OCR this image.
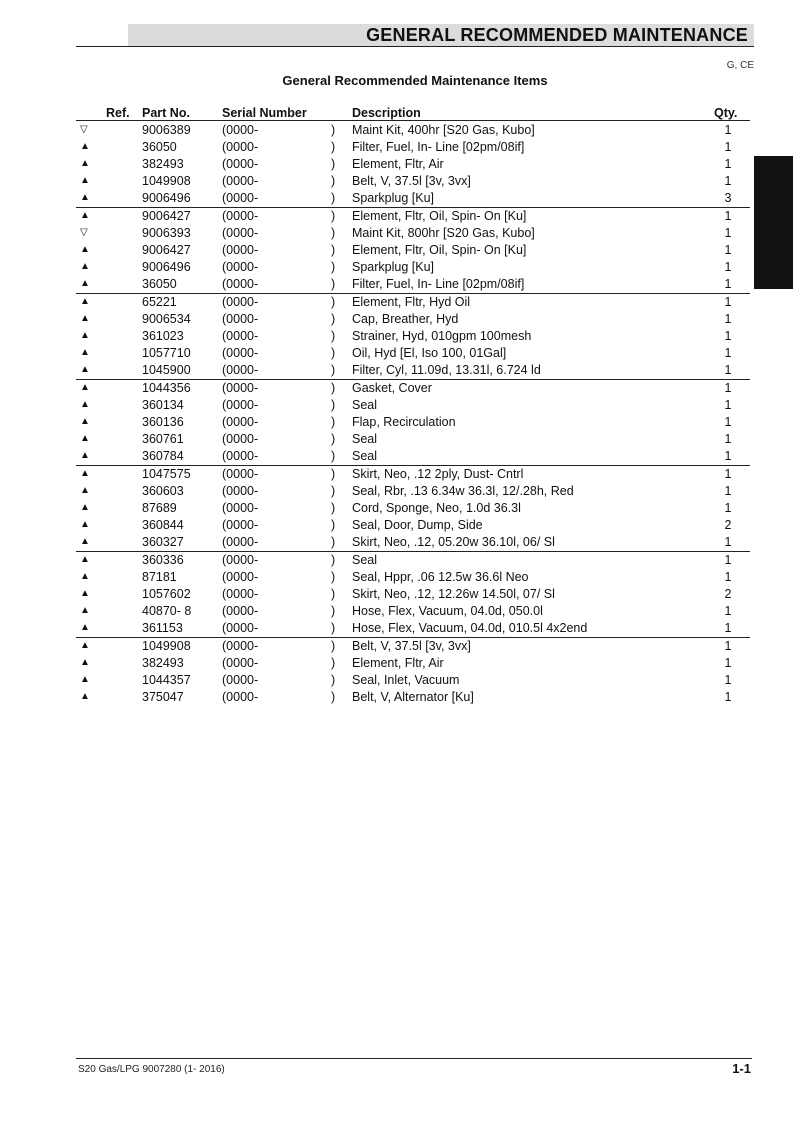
GENERAL RECOMMENDED MAINTENANCE
G, CE
General Recommended Maintenance Items
Ref. Part No.	Serial Number	Description	Qty.
▽	9006389	(0000-	) Maint Kit, 400hr [S20 Gas, Kubo]	1
▲	36050	(0000-	) Filter, Fuel, In- Line [02pm/08if]	1
▲	382493	(0000-	) Element, Fltr, Air	1
▲	1049908	(0000-	) Belt, V, 37.5l [3v, 3vx]	1
▲	9006496	(0000-	) Sparkplug [Ku]	3
▲	9006427	(0000-	) Element, Fltr, Oil, Spin- On [Ku]	1
▽	9006393	(0000-	) Maint Kit, 800hr [S20 Gas, Kubo]	1
▲	9006427	(0000-	) Element, Fltr, Oil, Spin- On [Ku]	1
▲	9006496	(0000-	) Sparkplug [Ku]	1
▲	36050	(0000-	) Filter, Fuel, In- Line [02pm/08if]	1
▲	65221	(0000-	) Element, Fltr, Hyd Oil	1
▲	9006534	(0000-	) Cap, Breather, Hyd	1
▲	361023	(0000-	) Strainer, Hyd, 010gpm 100mesh	1
▲	1057710	(0000-	) Oil, Hyd [El, Iso 100, 01Gal]	1
▲	1045900	(0000-	) Filter, Cyl, 11.09d, 13.31l, 6.724 ld	1
▲	1044356	(0000-	) Gasket, Cover	1
▲	360134	(0000-	) Seal	1
▲	360136	(0000-	) Flap, Recirculation	1
▲	360761	(0000-	) Seal	1
▲	360784	(0000-	) Seal	1
▲	1047575	(0000-	) Skirt, Neo, .12 2ply, Dust- Cntrl	1
▲	360603	(0000-	) Seal, Rbr, .13 6.34w 36.3l, 12/.28h, Red	1
▲	87689	(0000-	) Cord, Sponge, Neo, 1.0d 36.3l	1
▲	360844	(0000-	) Seal, Door, Dump, Side	2
▲	360327	(0000-	) Skirt, Neo, .12, 05.20w 36.10l, 06/ Sl	1
▲	360336	(0000-	) Seal	1
▲	87181	(0000-	) Seal, Hppr, .06 12.5w 36.6l Neo	1
▲	1057602	(0000-	) Skirt, Neo, .12, 12.26w 14.50l, 07/ Sl	2
▲	40870- 8 (0000-	) Hose, Flex, Vacuum, 04.0d, 050.0l	1
▲	361153	(0000-	) Hose, Flex, Vacuum, 04.0d, 010.5l 4x2end	1
▲	1049908	(0000-	) Belt, V, 37.5l [3v, 3vx]	1
▲	382493	(0000-	) Element, Fltr, Air	1
▲	1044357	(0000-	) Seal, Inlet, Vacuum	1
▲	375047	(0000-	) Belt, V, Alternator [Ku]	1
S20 Gas/LPG 9007280 (1- 2016)	1-1
